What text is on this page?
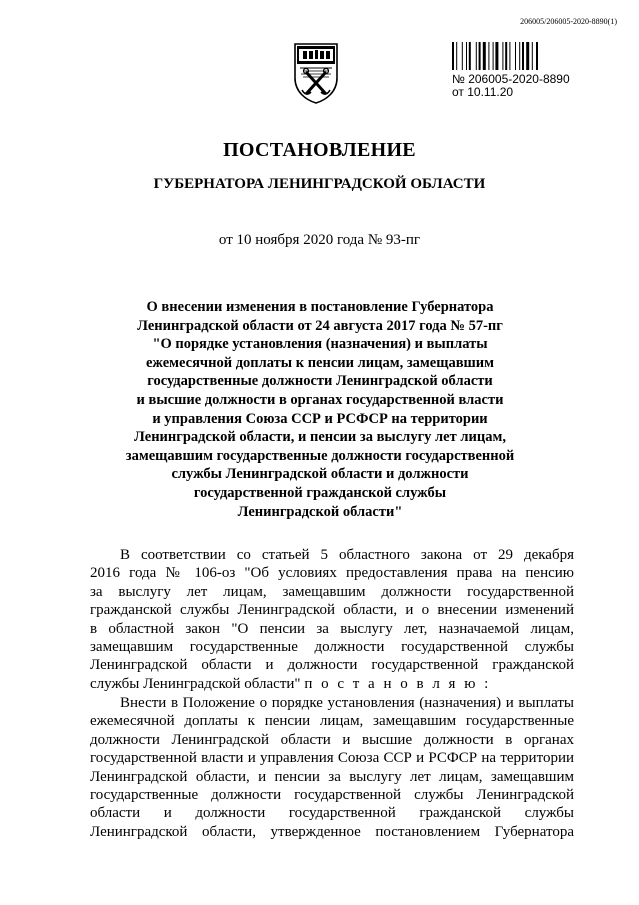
206005/206005-2020-8890(1)
№ 206005-2020-8890
от 10.11.20
ПОСТАНОВЛЕНИЕ
ГУБЕРНАТОРА ЛЕНИНГРАДСКОЙ ОБЛАСТИ
от 10 ноября 2020 года № 93-пг

О внесении изменения в постановление Губернатора
Ленинградской области от 24 августа 2017 года № 57-пг
"О порядке установления (назначения) и выплаты
ежемесячной доплаты к пенсии лицам, замещавшим
государственные должности Ленинградской области
и высшие должности в органах государственной власти
и управления Союза ССР и РСФСР на территории
Ленинградской области, и пенсии за выслугу лет лицам,
замещавшим государственные должности государственной
службы Ленинградской области и должности
государственной гражданской службы
Ленинградской области"

В соответствии со статьей 5 областного закона от 29 декабря
2016 года № 106-оз "Об условиях предоставления права на пенсию
за выслугу лет лицам, замещавшим должности государственной
гражданской службы Ленинградской области, и о внесении изменений
в областной закон "О пенсии за выслугу лет, назначаемой лицам,
замещавшим государственные должности государственной службы
Ленинградской области и должности государственной гражданской
службы Ленинградской области" п о с т а н о в л я ю :

Внести в Положение о порядке установления (назначения) и выплаты
ежемесячной доплаты к пенсии лицам, замещавшим государственные
должности Ленинградской области и высшие должности в органах
государственной власти и управления Союза ССР и РСФСР на территории
Ленинградской области, и пенсии за выслугу лет лицам, замещавшим
государственные должности государственной службы Ленинградской
области и должности государственной гражданской службы
Ленинградской области, утвержденное постановлением Губернатора
